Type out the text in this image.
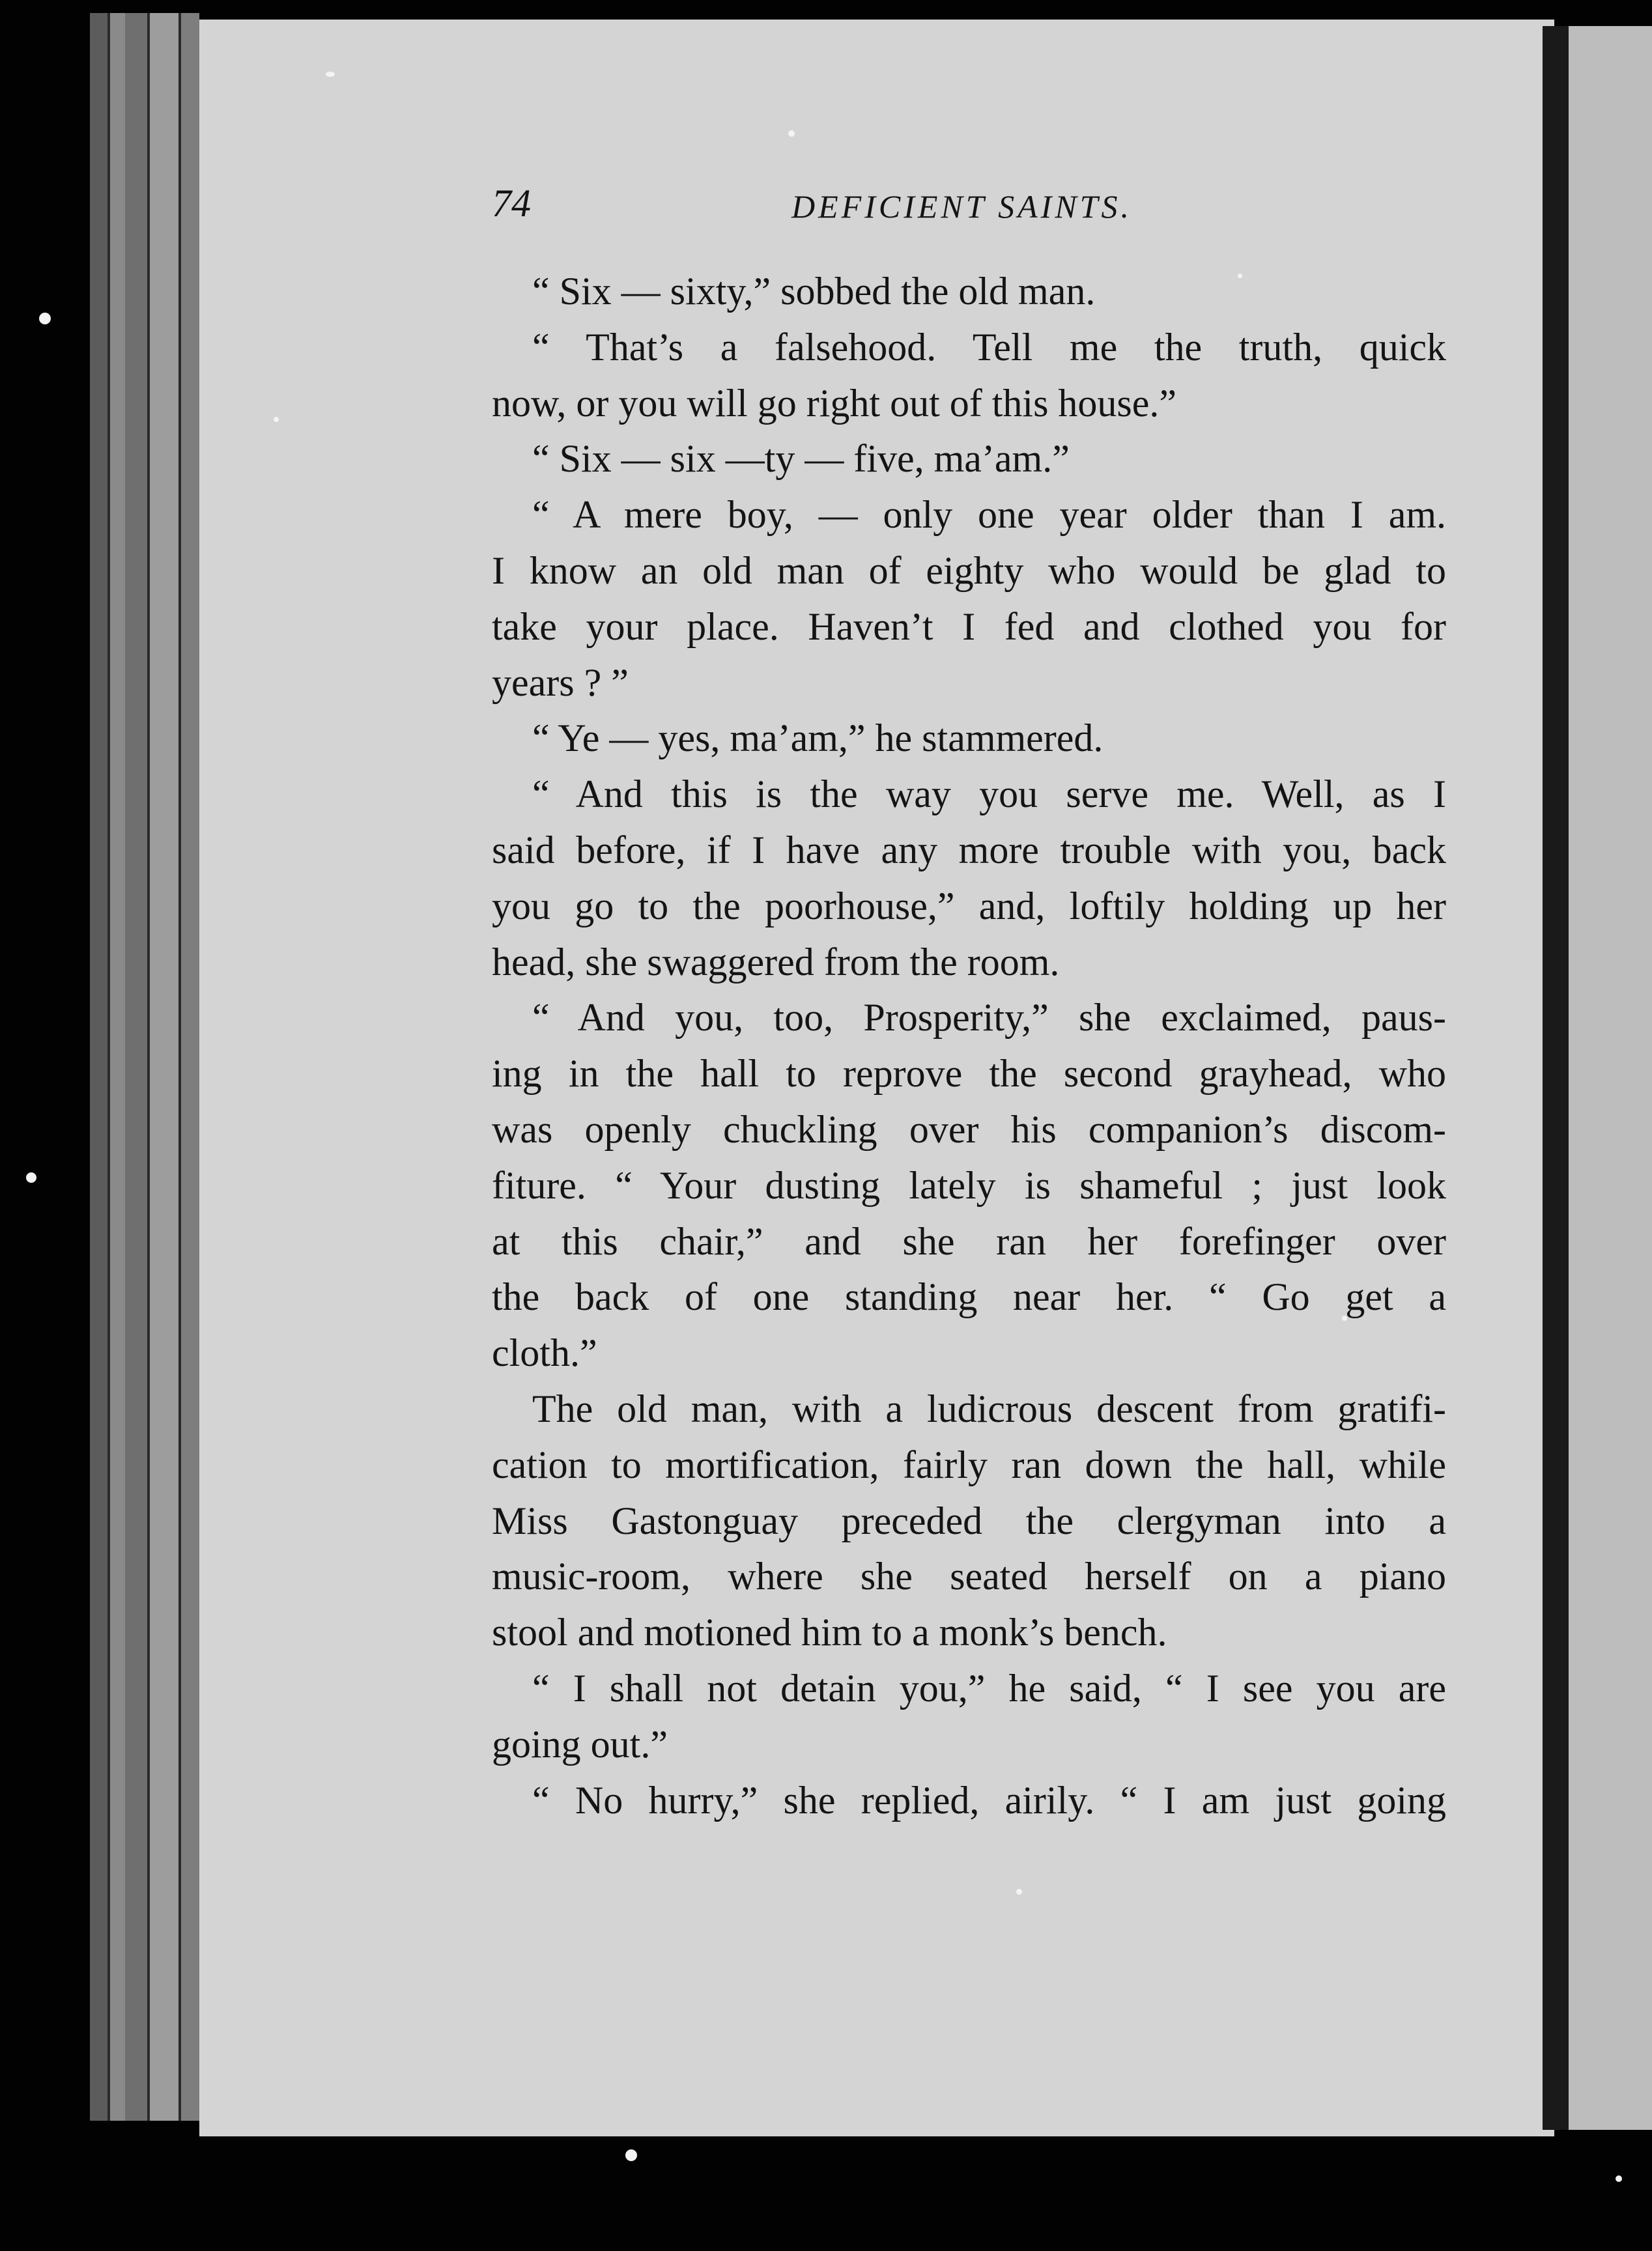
74	DEFICIENT SAINTS.
“ Six — sixty,” sobbed the old man.
“ That’s a falsehood. Tell me the truth, quick
now, or you will go right out of this house.”
“ Six — six —ty — five, ma’am.”
“ A mere boy, — only one year older than I am.
I know an old man of eighty who would be glad to
take your place. Haven’t I fed and clothed you for
years ? ”
“ Ye — yes, ma’am,” he stammered.
“ And this is the way you serve me. Well, as I
said before, if I have any more trouble with you, back
you go to the poorhouse,” and, loftily holding up her
head, she swaggered from the room.
“ And you, too, Prosperity,” she exclaimed, paus-
ing in the hall to reprove the second grayhead, who
was openly chuckling over his companion’s discom-
fiture. “ Your dusting lately is shameful ; just look
at this chair,” and she ran her forefinger over
the back of one standing near her. “ Go get a
cloth.”
The old man, with a ludicrous descent from gratifi-
cation to mortification, fairly ran down the hall, while
Miss Gastonguay preceded the clergyman into a
music-room, where she seated herself on a piano
stool and motioned him to a monk’s bench.
“ I shall not detain you,” he said, “ I see you are
going out.”
“ No hurry,” she replied, airily. “ I am just going
